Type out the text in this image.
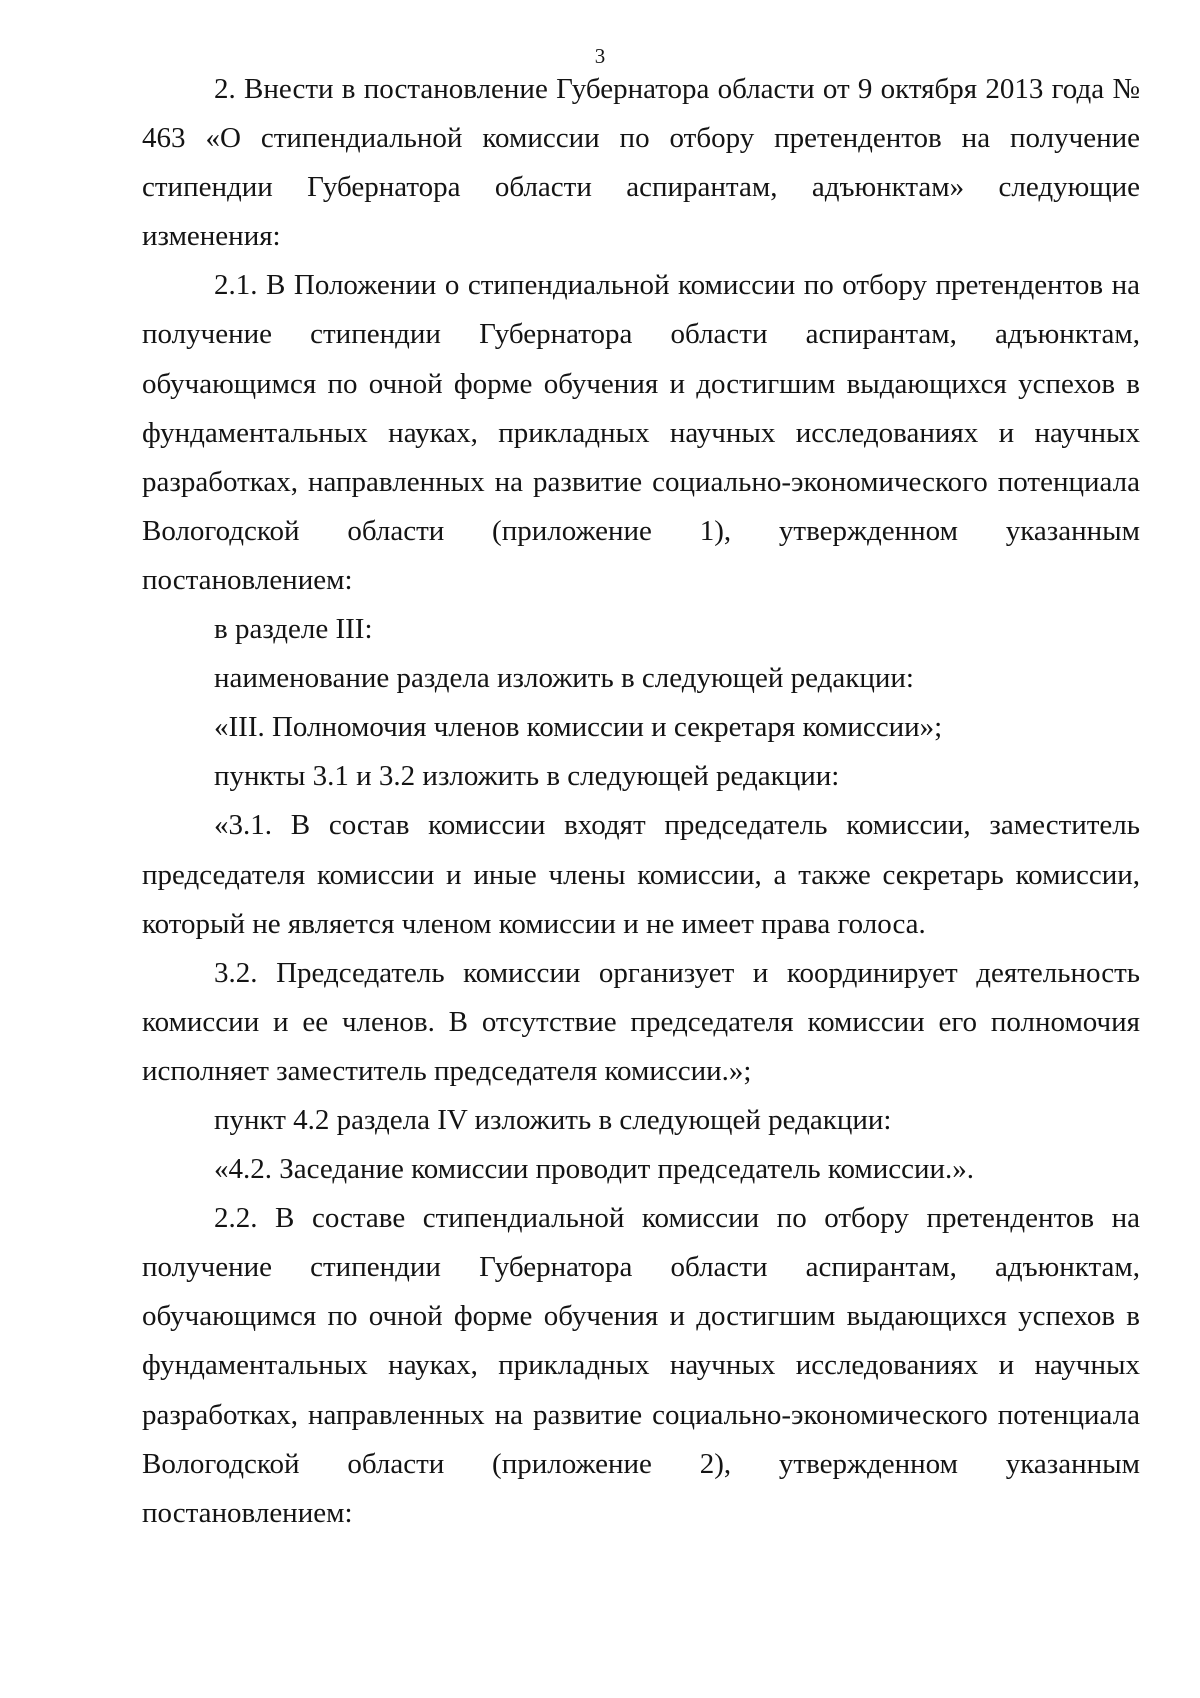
3

2. Внести в постановление Губернатора области от 9 октября 2013 года № 463 «О стипендиальной комиссии по отбору претендентов на получение стипендии Губернатора области аспирантам, адъюнктам» следующие изменения:

2.1. В Положении о стипендиальной комиссии по отбору претендентов на получение стипендии Губернатора области аспирантам, адъюнктам, обучающимся по очной форме обучения и достигшим выдающихся успехов в фундаментальных науках, прикладных научных исследованиях и научных разработках, направленных на развитие социально-экономического потенциала Вологодской области (приложение 1), утвержденном указанным постановлением:

в разделе III:

наименование раздела изложить в следующей редакции:

«III. Полномочия членов комиссии и секретаря комиссии»;

пункты 3.1 и 3.2 изложить в следующей редакции:

«3.1. В состав комиссии входят председатель комиссии, заместитель председателя комиссии и иные члены комиссии, а также секретарь комиссии, который не является членом комиссии и не имеет права голоса.

3.2. Председатель комиссии организует и координирует деятельность комиссии и ее членов. В отсутствие председателя комиссии его полномочия исполняет заместитель председателя комиссии.»;

пункт 4.2 раздела IV изложить в следующей редакции:

«4.2. Заседание комиссии проводит председатель комиссии.».

2.2. В составе стипендиальной комиссии по отбору претендентов на получение стипендии Губернатора области аспирантам, адъюнктам, обучающимся по очной форме обучения и достигшим выдающихся успехов в фундаментальных науках, прикладных научных исследованиях и научных разработках, направленных на развитие социально-экономического потенциала Вологодской области (приложение 2), утвержденном указанным постановлением:
